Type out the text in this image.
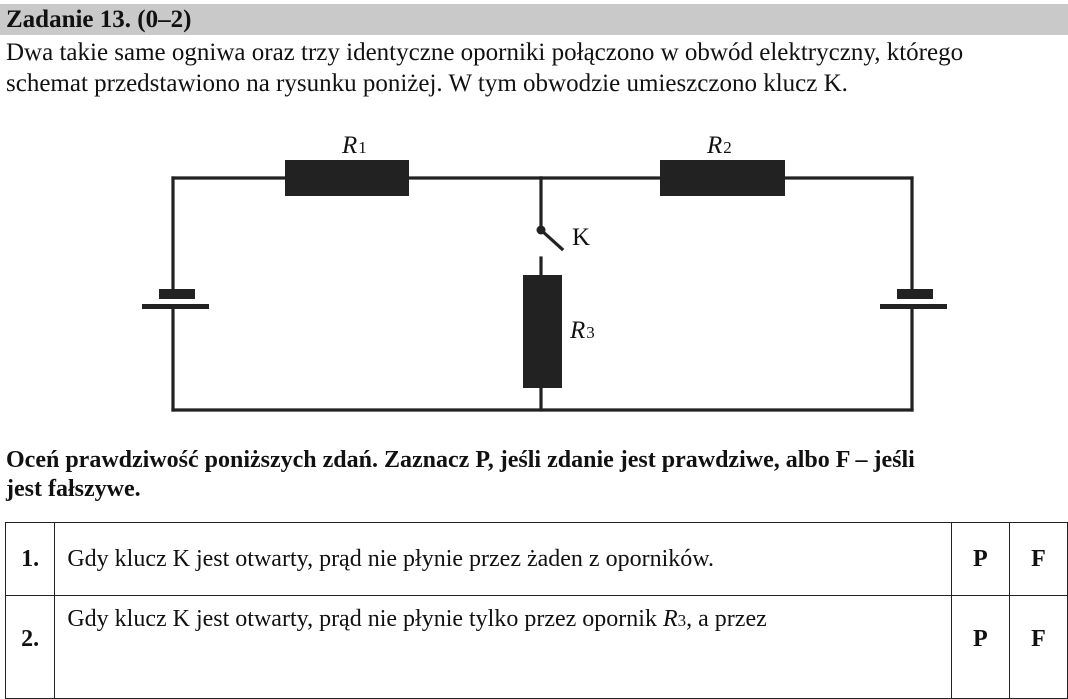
Zadanie 13. (0–2)
Dwa takie same ogniwa oraz trzy identyczne oporniki połączono w obwód elektryczny, którego
schemat przedstawiono na rysunku poniżej. W tym obwodzie umieszczono klucz K.
R1	R2
R3
K
Oceń prawdziwość poniższych zdań. Zaznacz P, jeśli zdanie jest prawdziwe, albo F – jeśli
jest fałszywe.
1.	Gdy klucz K jest otwarty, prąd nie płynie przez żaden z oporników.	P	F
2.	Gdy klucz K jest otwarty, prąd nie płynie tylko przez opornik R3, a przez	P	F
